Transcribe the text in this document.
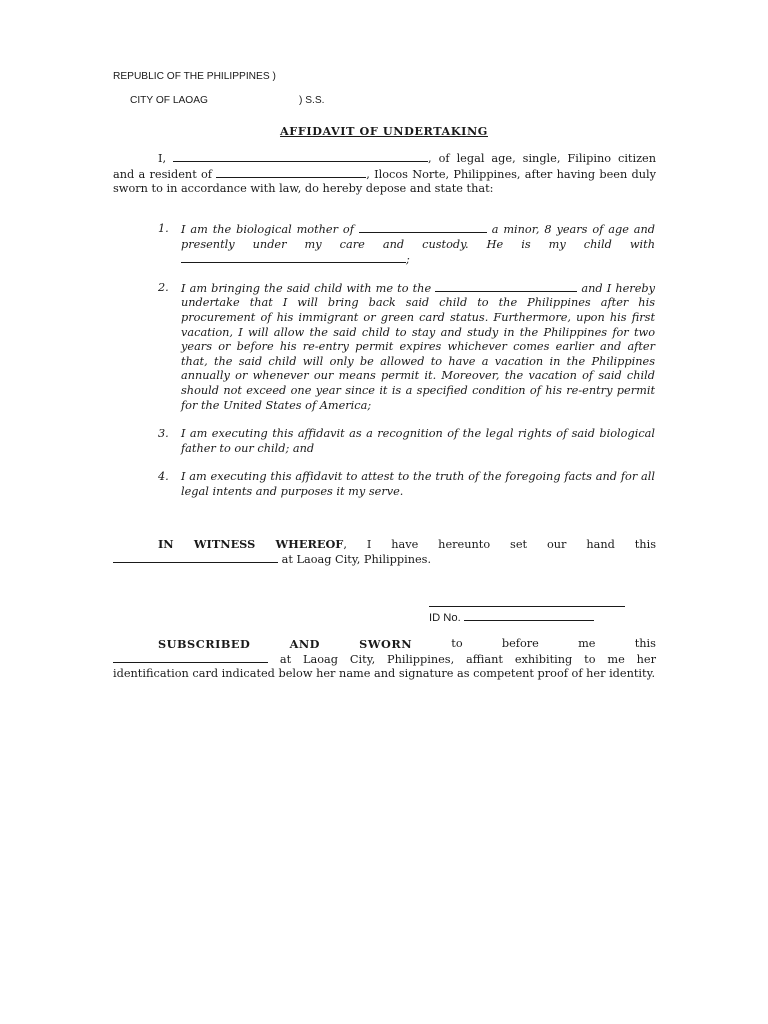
REPUBLIC OF THE PHILIPPINES )

CITY OF LAOAG	) S.S.

AFFIDAVIT OF UNDERTAKING

I,	, of legal age, single, Filipino citizen and a resident of	, Ilocos Norte, Philippines, after having been duly sworn to in accordance with law, do hereby depose and state that:

1. I am the biological mother of	a minor, 8 years of age and presently under my care and custody. He is my child with ;
2. I am bringing the said child with me to the	and I hereby undertake that I will bring back said child to the Philippines after his procurement of his immigrant or green card status. Furthermore, upon his first vacation, I will allow the said child to stay and study in the Philippines for two years or before his re-entry permit expires whichever comes earlier and after that, the said child will only be allowed to have a vacation in the Philippines annually or whenever our means permit it. Moreover, the vacation of said child should not exceed one year since it is a specified condition of his re-entry permit for the United States of America;
3. I am executing this affidavit as a recognition of the legal rights of said biological father to our child; and
4. I am executing this affidavit to attest to the truth of the foregoing facts and for all legal intents and purposes it my serve.

IN WITNESS WHEREOF, I have hereunto set our hand this  at Laoag City, Philippines.

ID No.
SUBSCRIBED	AND	SWORN	to	before	me	this

at Laoag City, Philippines, affiant exhibiting to me her identification card indicated below her name and signature as competent proof of her identity.
